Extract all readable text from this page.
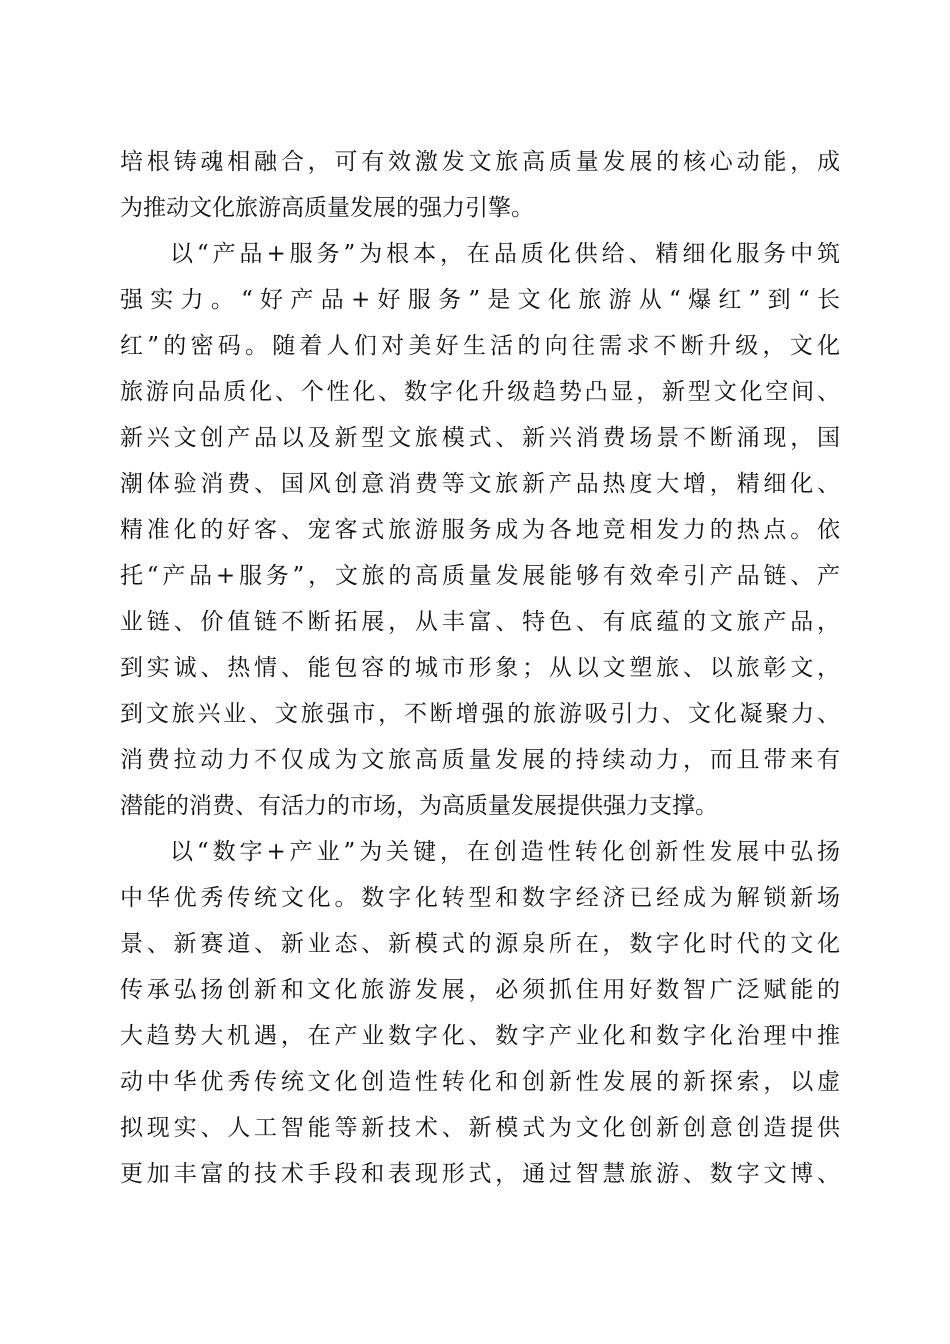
培根铸魂相融合，可有效激发文旅高质量发展的核心动能，成

为推动文化旅游高质量发展的强力引擎。

以“产品+服务”为根本，在品质化供给、精细化服务中筑

强实力。“好产品+好服务”是文化旅游从“爆红”到“长

红”的密码。随着人们对美好生活的向往需求不断升级，文化

旅游向品质化、个性化、数字化升级趋势凸显，新型文化空间、

新兴文创产品以及新型文旅模式、新兴消费场景不断涌现，国

潮体验消费、国风创意消费等文旅新产品热度大增，精细化、

精准化的好客、宠客式旅游服务成为各地竞相发力的热点。依

托“产品+服务”，文旅的高质量发展能够有效牵引产品链、产

业链、价值链不断拓展，从丰富、特色、有底蕴的文旅产品，

到实诚、热情、能包容的城市形象；从以文塑旅、以旅彰文，

到文旅兴业、文旅强市，不断增强的旅游吸引力、文化凝聚力、

消费拉动力不仅成为文旅高质量发展的持续动力，而且带来有

潜能的消费、有活力的市场，为高质量发展提供强力支撑。

以“数字+产业”为关键，在创造性转化创新性发展中弘扬

中华优秀传统文化。数字化转型和数字经济已经成为解锁新场

景、新赛道、新业态、新模式的源泉所在，数字化时代的文化

传承弘扬创新和文化旅游发展，必须抓住用好数智广泛赋能的

大趋势大机遇，在产业数字化、数字产业化和数字化治理中推

动中华优秀传统文化创造性转化和创新性发展的新探索，以虚

拟现实、人工智能等新技术、新模式为文化创新创意创造提供

更加丰富的技术手段和表现形式，通过智慧旅游、数字文博、
